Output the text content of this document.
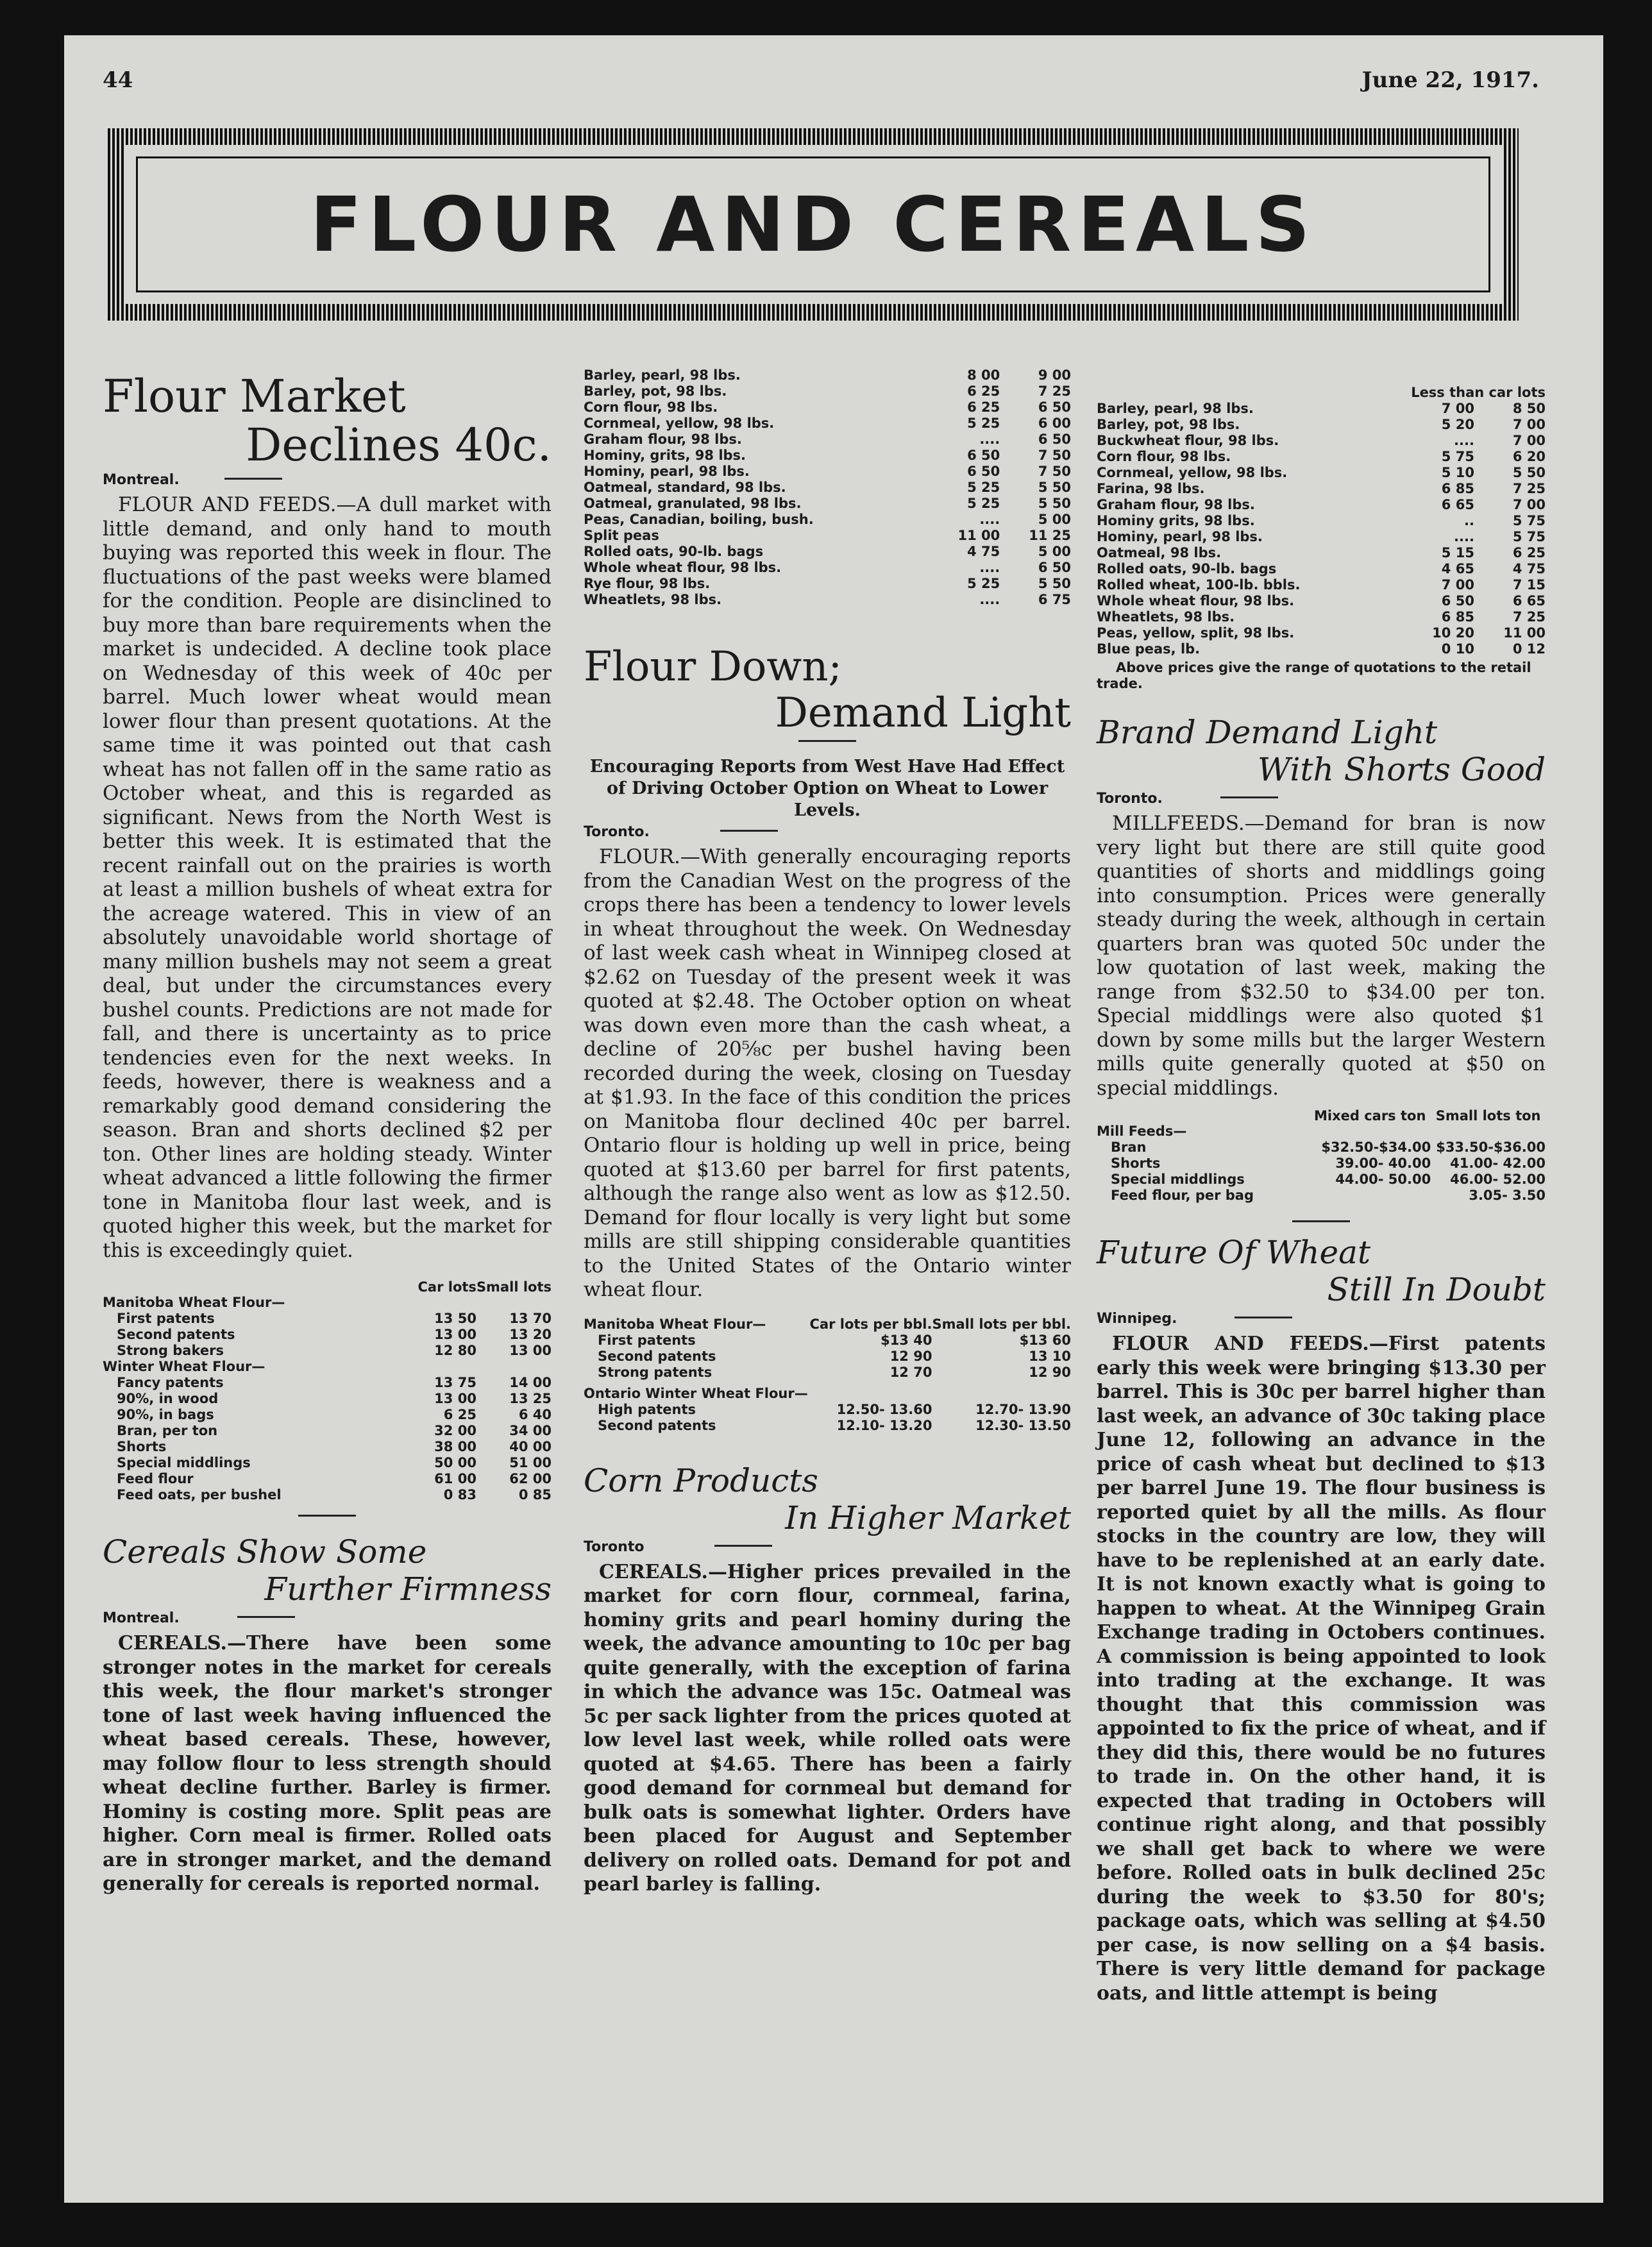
44	June 22, 1917.
FLOUR AND CEREALS
Flour Market
Declines 40c.
Montreal.

FLOUR AND FEEDS.—A dull market with little demand, and only hand to mouth buying was reported this week in flour. The fluctuations of the past weeks were blamed for the condition. People are disinclined to buy more than bare requirements when the market is undecided. A decline took place on Wednesday of this week of 40c per barrel. Much lower wheat would mean lower flour than present quotations. At the same time it was pointed out that cash wheat has not fallen off in the same ratio as October wheat, and this is regarded as significant. News from the North West is better this week. It is estimated that the recent rainfall out on the prairies is worth at least a million bushels of wheat extra for the acreage watered. This in view of an absolutely unavoidable world shortage of many million bushels may not seem a great deal, but under the circumstances every bushel counts. Predictions are not made for fall, and there is uncertainty as to price tendencies even for the next weeks. In feeds, however, there is weakness and a remarkably good demand considering the season. Bran and shorts declined $2 per ton. Other lines are holding steady. Winter wheat advanced a little following the firmer tone in Manitoba flour last week, and is quoted higher this week, but the market for this is exceedingly quiet.

	Car lots	Small lots
Manitoba Wheat Flour—		
First patents	13 50	13 70
Second patents	13 00	13 20
Strong bakers	12 80	13 00
Winter Wheat Flour—		
Fancy patents	13 75	14 00
90%, in wood	13 00	13 25
90%, in bags	6 25	6 40
Bran, per ton	32 00	34 00
Shorts	38 00	40 00
Special middlings	50 00	51 00
Feed flour	61 00	62 00
Feed oats, per bushel	0 83	0 85
Cereals Show Some
Further Firmness
Montreal.

CEREALS.—There have been some stronger notes in the market for cereals this week, the flour market's stronger tone of last week having influenced the wheat based cereals. These, however, may follow flour to less strength should wheat decline further. Barley is firmer. Hominy is costing more. Split peas are higher. Corn meal is firmer. Rolled oats are in stronger market, and the demand generally for cereals is reported normal.

Barley, pearl, 98 lbs.	8 00	9 00
Barley, pot, 98 lbs.	6 25	7 25
Corn flour, 98 lbs.	6 25	6 50
Cornmeal, yellow, 98 lbs.	5 25	6 00
Graham flour, 98 lbs.	....	6 50
Hominy, grits, 98 lbs.	6 50	7 50
Hominy, pearl, 98 lbs.	6 50	7 50
Oatmeal, standard, 98 lbs.	5 25	5 50
Oatmeal, granulated, 98 lbs.	5 25	5 50
Peas, Canadian, boiling, bush.	....	5 00
Split peas	11 00	11 25
Rolled oats, 90-lb. bags	4 75	5 00
Whole wheat flour, 98 lbs.	....	6 50
Rye flour, 98 lbs.	5 25	5 50
Wheatlets, 98 lbs.	....	6 75
Flour Down;
Demand Light
Encouraging Reports from West Have Had Effect of Driving October Option on Wheat to Lower Levels.
Toronto.

FLOUR.—With generally encouraging reports from the Canadian West on the progress of the crops there has been a tendency to lower levels in wheat throughout the week. On Wednesday of last week cash wheat in Winnipeg closed at $2.62 on Tuesday of the present week it was quoted at $2.48. The October option on wheat was down even more than the cash wheat, a decline of 20⅝c per bushel having been recorded during the week, closing on Tuesday at $1.93. In the face of this condition the prices on Manitoba flour declined 40c per barrel. Ontario flour is holding up well in price, being quoted at $13.60 per barrel for first patents, although the range also went as low as $12.50. Demand for flour locally is very light but some mills are still shipping considerable quantities to the United States of the Ontario winter wheat flour.

Manitoba Wheat Flour—	Car lots per bbl.	Small lots per bbl.
First patents	$13 40	$13 60
Second patents	12 90	13 10
Strong patents	12 70	12 90
Ontario Winter Wheat Flour—		
High patents	12.50- 13.60	12.70- 13.90
Second patents	12.10- 13.20	12.30- 13.50
Corn Products
In Higher Market
Toronto

CEREALS.—Higher prices prevailed in the market for corn flour, cornmeal, farina, hominy grits and pearl hominy during the week, the advance amounting to 10c per bag quite generally, with the exception of farina in which the advance was 15c. Oatmeal was 5c per sack lighter from the prices quoted at low level last week, while rolled oats were quoted at $4.65. There has been a fairly good demand for cornmeal but demand for bulk oats is somewhat lighter. Orders have been placed for August and September delivery on rolled oats. Demand for pot and pearl barley is falling.

Less than car lots		
Barley, pearl, 98 lbs.	7 00	8 50
Barley, pot, 98 lbs.	5 20	7 00
Buckwheat flour, 98 lbs.	....	7 00
Corn flour, 98 lbs.	5 75	6 20
Cornmeal, yellow, 98 lbs.	5 10	5 50
Farina, 98 lbs.	6 85	7 25
Graham flour, 98 lbs.	6 65	7 00
Hominy grits, 98 lbs.	..	5 75
Hominy, pearl, 98 lbs.	....	5 75
Oatmeal, 98 lbs.	5 15	6 25
Rolled oats, 90-lb. bags	4 65	4 75
Rolled wheat, 100-lb. bbls.	7 00	7 15
Whole wheat flour, 98 lbs.	6 50	6 65
Wheatlets, 98 lbs.	6 85	7 25
Peas, yellow, split, 98 lbs.	10 20	11 00
Blue peas, lb.	0 10	0 12

Above prices give the range of quotations to the retail trade.

Brand Demand Light
With Shorts Good
Toronto.

MILLFEEDS.—Demand for bran is now very light but there are still quite good quantities of shorts and middlings going into consumption. Prices were generally steady during the week, although in certain quarters bran was quoted 50c under the low quotation of last week, making the range from $32.50 to $34.00 per ton. Special middlings were also quoted $1 down by some mills but the larger Western mills quite generally quoted at $50 on special middlings.

	Mixed cars ton	Small lots ton
Mill Feeds—		
Bran	$32.50-$34.00	$33.50-$36.00
Shorts	39.00- 40.00	41.00- 42.00
Special middlings	44.00- 50.00	46.00- 52.00
Feed flour, per bag		3.05- 3.50
Future Of Wheat
Still In Doubt
Winnipeg.

FLOUR AND FEEDS.—First patents early this week were bringing $13.30 per barrel. This is 30c per barrel higher than last week, an advance of 30c taking place June 12, following an advance in the price of cash wheat but declined to $13 per barrel June 19. The flour business is reported quiet by all the mills. As flour stocks in the country are low, they will have to be replenished at an early date. It is not known exactly what is going to happen to wheat. At the Winnipeg Grain Exchange trading in Octobers continues. A commission is being appointed to look into trading at the exchange. It was thought that this commission was appointed to fix the price of wheat, and if they did this, there would be no futures to trade in. On the other hand, it is expected that trading in Octobers will continue right along, and that possibly we shall get back to where we were before. Rolled oats in bulk declined 25c during the week to $3.50 for 80's; package oats, which was selling at $4.50 per case, is now selling on a $4 basis. There is very little demand for package oats, and little attempt is being
